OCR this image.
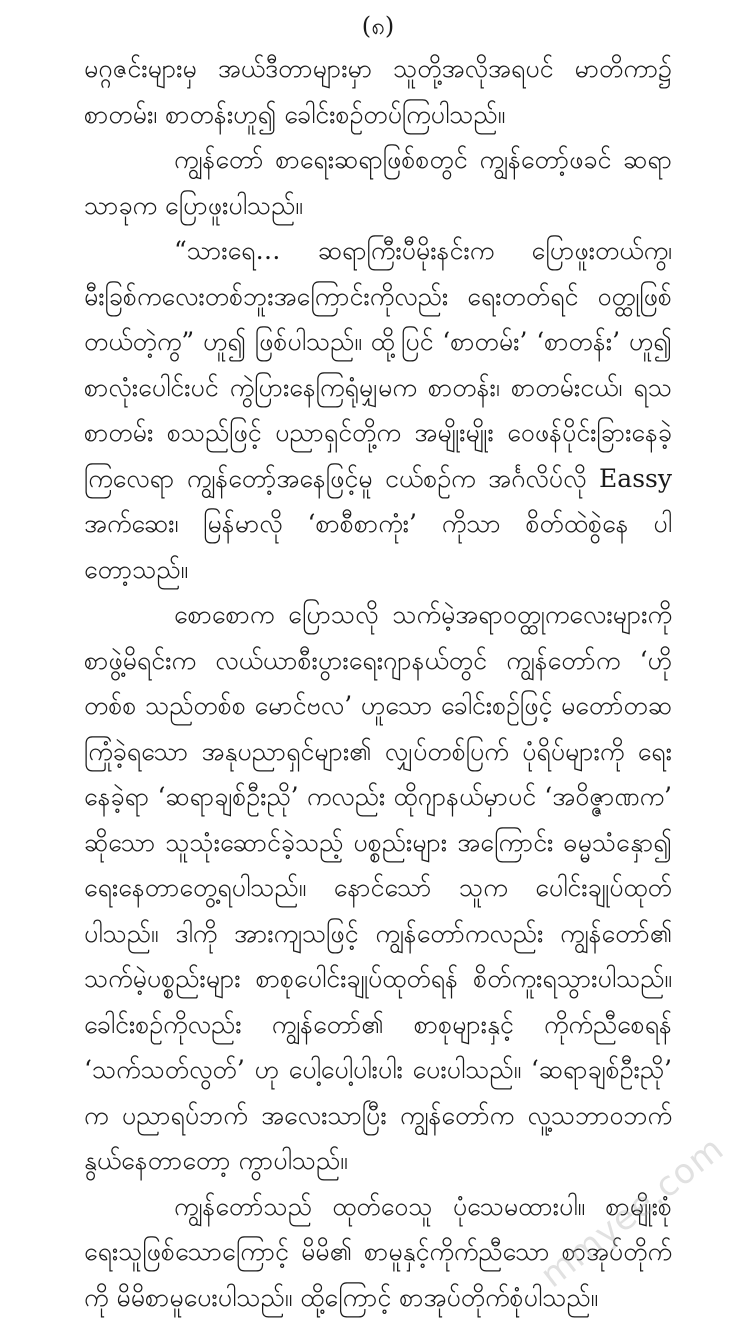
(၈)

မဂ္ဂဇင်းများမှ အယ်ဒီတာများမှာ သူတို့အလိုအရပင် မာတိကာ၌ စာတမ်း၊ စာတန်းဟူ၍ ခေါင်းစဉ်တပ်ကြပါသည်။

ကျွန်တော် စာရေးဆရာဖြစ်စတွင် ကျွန်တော့်ဖခင် ဆရာသာခုက ပြောဖူးပါသည်။

“သားရေ… ဆရာကြီးပီမိုးနင်းက ပြောဖူးတယ်ကွ၊ မီးခြစ်ကလေးတစ်ဘူးအကြောင်းကိုလည်း ရေးတတ်ရင် ဝတ္ထုဖြစ်တယ်တဲ့ကွ” ဟူ၍ ဖြစ်ပါသည်။ ထို့ပြင် ‘စာတမ်း’ ‘စာတန်း’ ဟူ၍ စာလုံးပေါင်းပင် ကွဲပြားနေကြရုံမျှမက စာတန်း၊ စာတမ်းငယ်၊ ရသစာတမ်း စသည်ဖြင့် ပညာရှင်တို့က အမျိုးမျိုး ဝေဖန်ပိုင်းခြားနေခဲ့ကြလေရာ ကျွန်တော့်အနေဖြင့်မူ ငယ်စဉ်က အင်္ဂလိပ်လို Eassy အက်ဆေး၊ မြန်မာလို ‘စာစီစာကုံး’ ကိုသာ စိတ်ထဲစွဲနေ ပါတော့သည်။

စောစောက ပြောသလို သက်မဲ့အရာဝတ္ထုကလေးများကို စာဖွဲ့မိရင်းက လယ်ယာစီးပွားရေးဂျာနယ်တွင် ကျွန်တော်က ‘ဟိုတစ်စ သည်တစ်စ မောင်ဗလ’ ဟူသော ခေါင်းစဉ်ဖြင့် မတော်တဆကြုံခဲ့ရသော အနုပညာရှင်များ၏ လျှပ်တစ်ပြက် ပုံရိပ်များကို ရေးနေခဲ့ရာ ‘ဆရာချစ်ဦးညို’ ကလည်း ထိုဂျာနယ်မှာပင် ‘အဝိဇ္ဇာဏက’ ဆိုသော သူသုံးဆောင်ခဲ့သည့် ပစ္စည်းများ အကြောင်း ဓမ္မသံနှော၍ ရေးနေတာတွေ့ရပါသည်။ နောင်သော် သူက ပေါင်းချုပ်ထုတ်ပါသည်။ ဒါကို အားကျသဖြင့် ကျွန်တော်ကလည်း ကျွန်တော်၏ သက်မဲ့ပစ္စည်းများ စာစုပေါင်းချုပ်ထုတ်ရန် စိတ်ကူးရသွားပါသည်။ ခေါင်းစဉ်ကိုလည်း ကျွန်တော်၏ စာစုများနှင့် ကိုက်ညီစေရန် ‘သက်သတ်လွတ်’ ဟု ပေါ့ပေါ့ပါးပါး ပေးပါသည်။ ‘ဆရာချစ်ဦးညို’ က ပညာရပ်ဘက် အလေးသာပြီး ကျွန်တော်က လူ့သဘာဝဘက် နွယ်နေတာတော့ ကွာပါသည်။

ကျွန်တော်သည် ထုတ်ဝေသူ ပုံသေမထားပါ။ စာမျိုးစုံ ရေးသူဖြစ်သောကြောင့် မိမိ၏ စာမူနှင့်ကိုက်ညီသော စာအုပ်တိုက်ကို မိမိစာမူပေးပါသည်။ ထို့ကြောင့် စာအုပ်တိုက်စုံပါသည်။

mmyee.com
